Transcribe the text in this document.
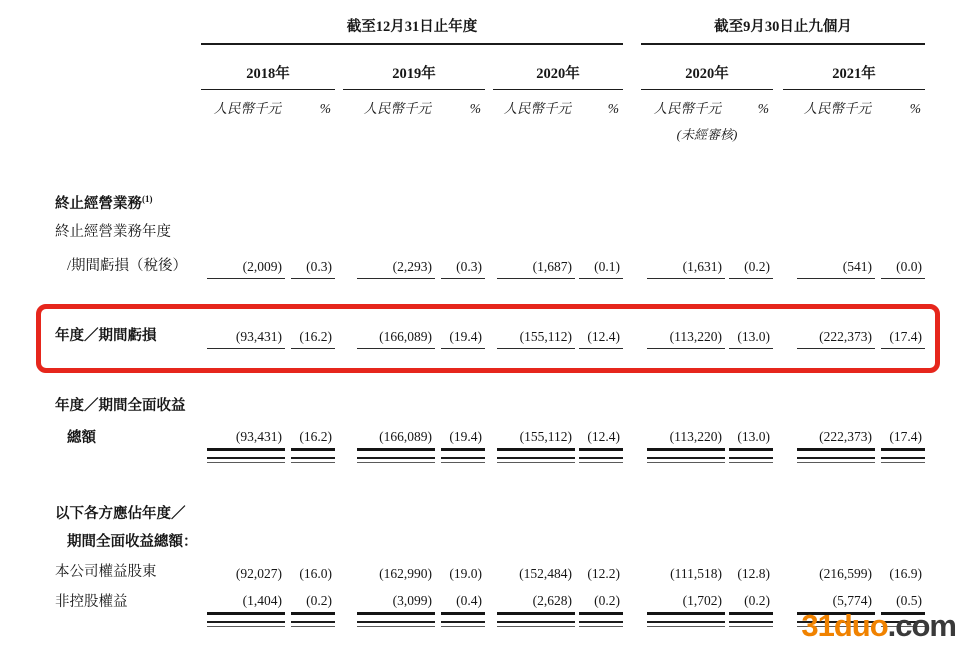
	截至12月31日止年度									截至9月30日止九個月				
	2018年			2019年			2020年			2020年			2021年	
	人民幣千元	%		人民幣千元	%		人民幣千元	%		人民幣千元	%		人民幣千元	%
										(未經審核)				

終止經營業務$^{(1)}$
終止經營業務年度														
/期間虧損（稅後）	(2,009)	(0.3)		(2,293)	(0.3)		(1,687)	(0.1)		(1,631)	(0.2)		(541)	(0.0)

年度／期間虧損	(93,431)	(16.2)		(166,089)	(19.4)		(155,112)	(12.4)		(113,220)	(13.0)		(222,373)	(17.4)

年度／期間全面收益														
總額	(93,431)	(16.2)		(166,089)	(19.4)		(155,112)	(12.4)		(113,220)	(13.0)		(222,373)	(17.4)

以下各方應佔年度／														
期間全面收益總額：														
本公司權益股東	(92,027)	(16.0)		(162,990)	(19.0)		(152,484)	(12.2)		(111,518)	(12.8)		(216,599)	(16.9)
非控股權益	(1,404)	(0.2)		(3,099)	(0.4)		(2,628)	(0.2)		(1,702)	(0.2)		(5,774)	(0.5)

31duo.com
